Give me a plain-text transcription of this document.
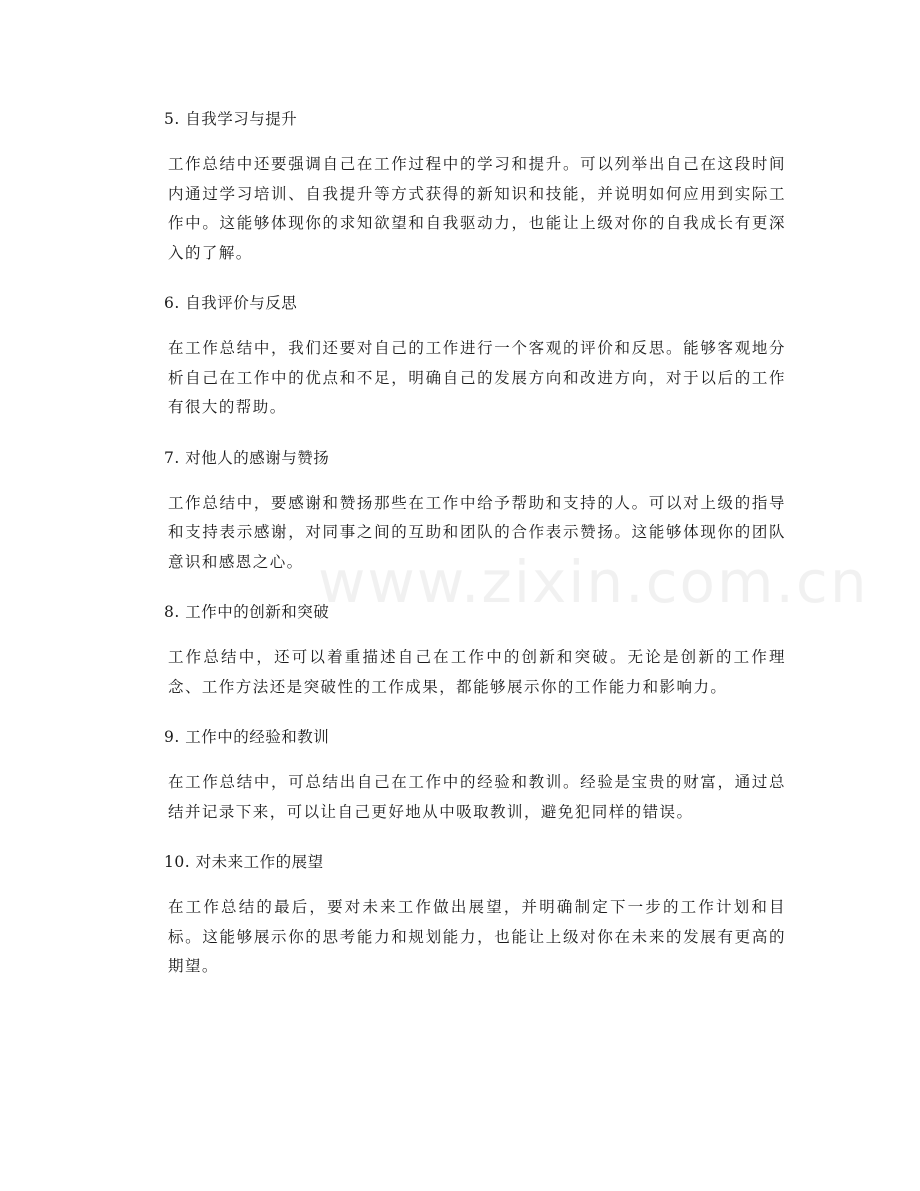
5. 自我学习与提升
工作总结中还要强调自己在工作过程中的学习和提升。可以列举出自己在这段时间内通过学习培训、自我提升等方式获得的新知识和技能，并说明如何应用到实际工作中。这能够体现你的求知欲望和自我驱动力，也能让上级对你的自我成长有更深入的了解。
6. 自我评价与反思
在工作总结中，我们还要对自己的工作进行一个客观的评价和反思。能够客观地分析自己在工作中的优点和不足，明确自己的发展方向和改进方向，对于以后的工作有很大的帮助。
7. 对他人的感谢与赞扬
工作总结中，要感谢和赞扬那些在工作中给予帮助和支持的人。可以对上级的指导和支持表示感谢，对同事之间的互助和团队的合作表示赞扬。这能够体现你的团队意识和感恩之心。
8. 工作中的创新和突破
工作总结中，还可以着重描述自己在工作中的创新和突破。无论是创新的工作理念、工作方法还是突破性的工作成果，都能够展示你的工作能力和影响力。
9. 工作中的经验和教训
在工作总结中，可总结出自己在工作中的经验和教训。经验是宝贵的财富，通过总结并记录下来，可以让自己更好地从中吸取教训，避免犯同样的错误。
10. 对未来工作的展望
在工作总结的最后，要对未来工作做出展望，并明确制定下一步的工作计划和目标。这能够展示你的思考能力和规划能力，也能让上级对你在未来的发展有更高的期望。
www.zixin.com.cn
